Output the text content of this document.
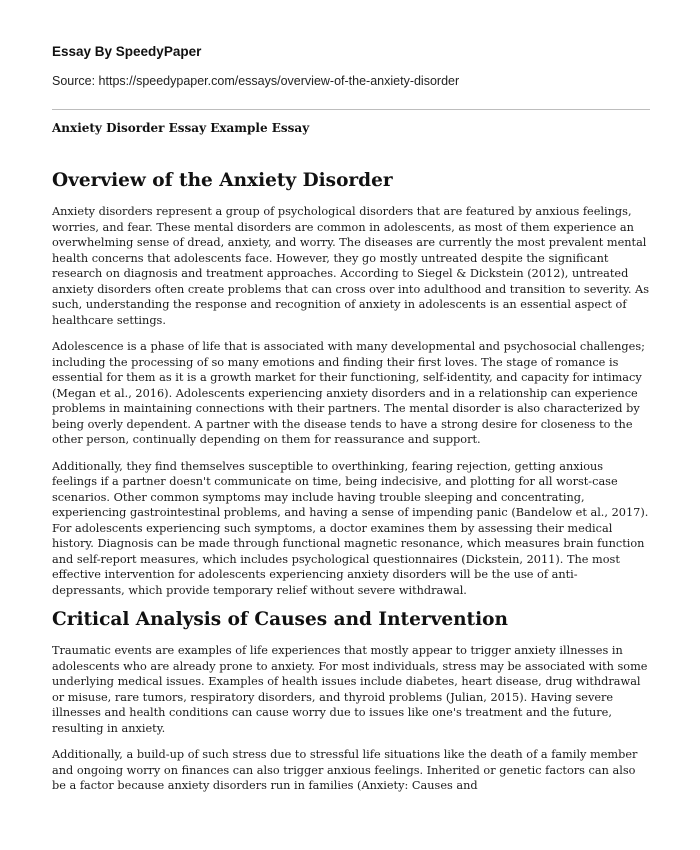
Essay By SpeedyPaper
Source: https://speedypaper.com/essays/overview-of-the-anxiety-disorder
Anxiety Disorder Essay Example Essay
Overview of the Anxiety Disorder

Anxiety disorders represent a group of psychological disorders that are featured by anxious feelings, worries, and fear. These mental disorders are common in adolescents, as most of them experience an overwhelming sense of dread, anxiety, and worry. The diseases are currently the most prevalent mental health concerns that adolescents face. However, they go mostly untreated despite the significant research on diagnosis and treatment approaches. According to Siegel & Dickstein (2012), untreated anxiety disorders often create problems that can cross over into adulthood and transition to severity. As such, understanding the response and recognition of anxiety in adolescents is an essential aspect of healthcare settings.

Adolescence is a phase of life that is associated with many developmental and psychosocial challenges; including the processing of so many emotions and finding their first loves. The stage of romance is essential for them as it is a growth market for their functioning, self-identity, and capacity for intimacy (Megan et al., 2016). Adolescents experiencing anxiety disorders and in a relationship can experience problems in maintaining connections with their partners. The mental disorder is also characterized by being overly dependent. A partner with the disease tends to have a strong desire for closeness to the other person, continually depending on them for reassurance and support.

Additionally, they find themselves susceptible to overthinking, fearing rejection, getting anxious feelings if a partner doesn't communicate on time, being indecisive, and plotting for all worst-case scenarios. Other common symptoms may include having trouble sleeping and concentrating, experiencing gastrointestinal problems, and having a sense of impending panic (Bandelow et al., 2017). For adolescents experiencing such symptoms, a doctor examines them by assessing their medical history. Diagnosis can be made through functional magnetic resonance, which measures brain function and self-report measures, which includes psychological questionnaires (Dickstein, 2011). The most effective intervention for adolescents experiencing anxiety disorders will be the use of anti-depressants, which provide temporary relief without severe withdrawal.

Critical Analysis of Causes and Intervention

Traumatic events are examples of life experiences that mostly appear to trigger anxiety illnesses in adolescents who are already prone to anxiety. For most individuals, stress may be associated with some underlying medical issues. Examples of health issues include diabetes, heart disease, drug withdrawal or misuse, rare tumors, respiratory disorders, and thyroid problems (Julian, 2015). Having severe illnesses and health conditions can cause worry due to issues like one's treatment and the future, resulting in anxiety.

Additionally, a build-up of such stress due to stressful life situations like the death of a family member and ongoing worry on finances can also trigger anxious feelings. Inherited or genetic factors can also be a factor because anxiety disorders run in families (Anxiety: Causes and
